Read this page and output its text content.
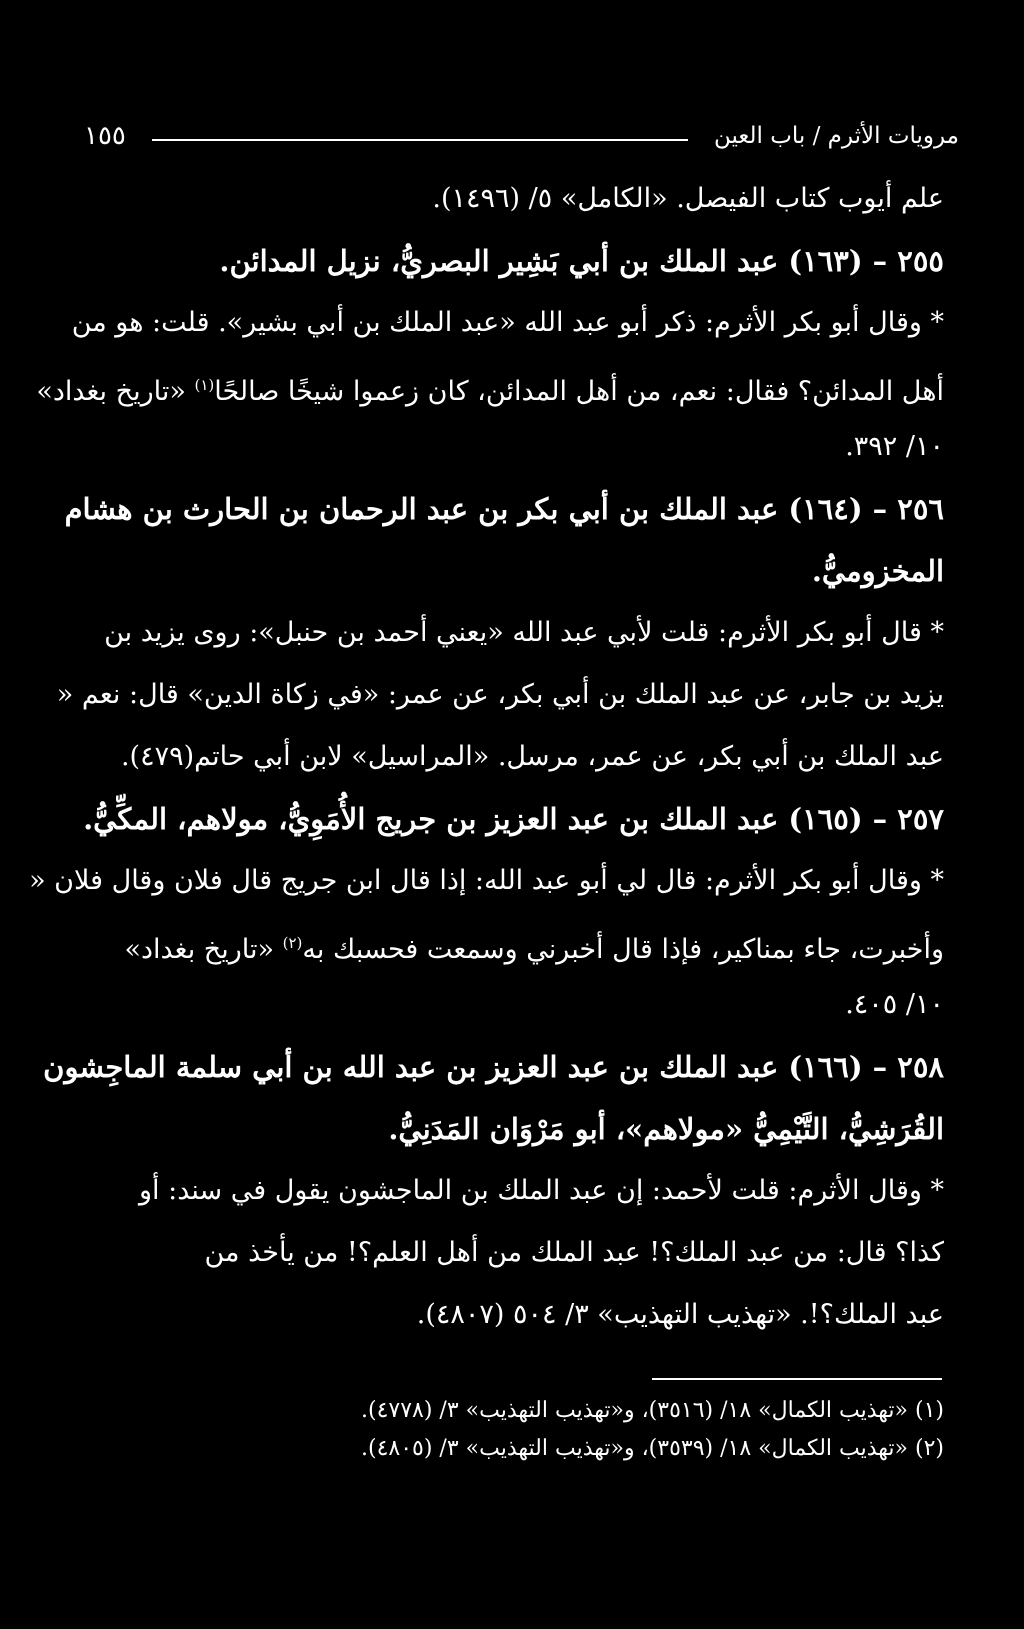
١٥٥	مرويات الأثرم / باب العين
علم أيوب كتاب الفيصل. «الكامل» ٥/ (١٤٩٦).
٢٥٥ – (١٦٣) عبد الملك بن أبي بَشِير البصريُّ، نزيل المدائن.
* وقال أبو بكر الأثرم: ذكر أبو عبد الله «عبد الملك بن أبي بشير». قلت: هو من
أهل المدائن؟ فقال: نعم، من أهل المدائن، كان زعموا شيخًا صالحًا$^{(١)}$ «تاريخ بغداد»
١٠/ ٣٩٢.
٢٥٦ – (١٦٤) عبد الملك بن أبي بكر بن عبد الرحمان بن الحارث بن هشام
المخزوميُّ.
* قال أبو بكر الأثرم: قلت لأبي عبد الله «يعني أحمد بن حنبل»: روى يزيد بن
يزيد بن جابر، عن عبد الملك بن أبي بكر، عن عمر: «في زكاة الدين» قال: نعم «
عبد الملك بن أبي بكر، عن عمر، مرسل. «المراسيل» لابن أبي حاتم(٤٧٩).
٢٥٧ – (١٦٥) عبد الملك بن عبد العزيز بن جريج الأُمَوِيُّ، مولاهم، المكِّيُّ.
* وقال أبو بكر الأثرم: قال لي أبو عبد الله: إذا قال ابن جريج قال فلان وقال فلان «
وأخبرت، جاء بمناكير، فإذا قال أخبرني وسمعت فحسبك به$^{(٢)}$ «تاريخ بغداد»
١٠/ ٤٠٥.
٢٥٨ – (١٦٦) عبد الملك بن عبد العزيز بن عبد الله بن أبي سلمة الماجِشون
القُرَشِيُّ، التَّيْمِيُّ «مولاهم»، أبو مَرْوَان المَدَنِيُّ.
* وقال الأثرم: قلت لأحمد: إن عبد الملك بن الماجشون يقول في سند: أو
كذا؟ قال: من عبد الملك؟! عبد الملك من أهل العلم؟! من يأخذ من
عبد الملك؟!. «تهذيب التهذيب» ٣/ ٥٠٤ (٤٨٠٧).
(١) «تهذيب الكمال» ١٨/ (٣٥١٦)، و«تهذيب التهذيب» ٣/ (٤٧٧٨).
(٢) «تهذيب الكمال» ١٨/ (٣٥٣٩)، و«تهذيب التهذيب» ٣/ (٤٨٠٥).
